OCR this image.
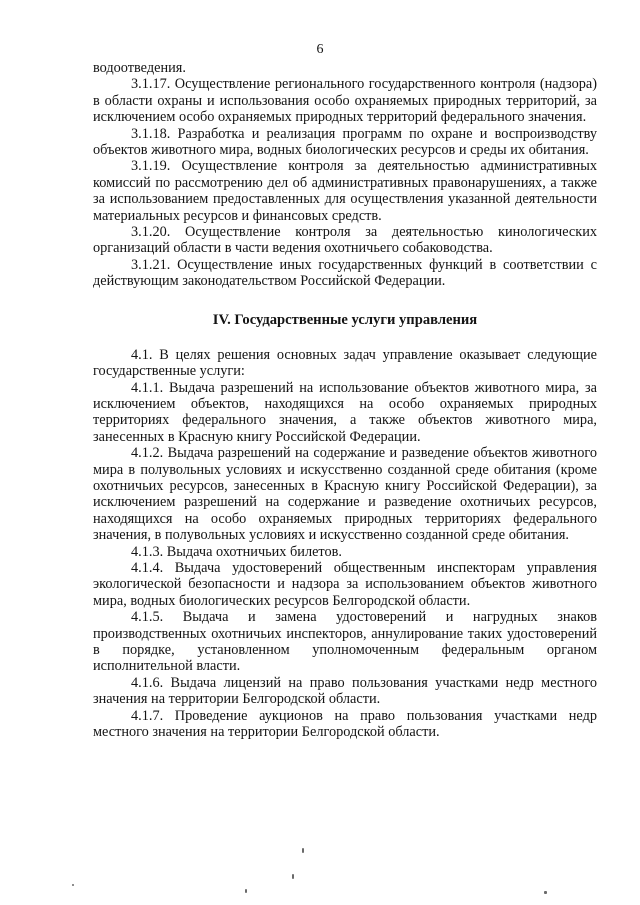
6

водоотведения.

3.1.17. Осуществление регионального государственного контроля (надзора) в области охраны и использования особо охраняемых природных территорий, за исключением особо охраняемых природных территорий федерального значения.

3.1.18. Разработка и реализация программ по охране и воспроизводству объектов животного мира, водных биологических ресурсов и среды их обитания.

3.1.19. Осуществление контроля за деятельностью административных комиссий по рассмотрению дел об административных правонарушениях, а также за использованием предоставленных для осуществления указанной деятельности материальных ресурсов и финансовых средств.

3.1.20. Осуществление контроля за деятельностью кинологических организаций области в части ведения охотничьего собаководства.

3.1.21. Осуществление иных государственных функций в соответствии с действующим законодательством Российской Федерации.

IV. Государственные услуги управления

4.1. В целях решения основных задач управление оказывает следующие государственные услуги:

4.1.1. Выдача разрешений на использование объектов животного мира, за исключением объектов, находящихся на особо охраняемых природных территориях федерального значения, а также объектов животного мира, занесенных в Красную книгу Российской Федерации.

4.1.2. Выдача разрешений на содержание и разведение объектов животного мира в полувольных условиях и искусственно созданной среде обитания (кроме охотничьих ресурсов, занесенных в Красную книгу Российской Федерации), за исключением разрешений на содержание и разведение охотничьих ресурсов, находящихся на особо охраняемых природных территориях федерального значения, в полувольных условиях и искусственно созданной среде обитания.

4.1.3. Выдача охотничьих билетов.

4.1.4. Выдача удостоверений общественным инспекторам управления экологической безопасности и надзора за использованием объектов животного мира, водных биологических ресурсов Белгородской области.

4.1.5. Выдача и замена удостоверений и нагрудных знаков производственных охотничьих инспекторов, аннулирование таких удостоверений в порядке, установленном уполномоченным федеральным органом исполнительной власти.

4.1.6. Выдача лицензий на право пользования участками недр местного значения на территории Белгородской области.

4.1.7. Проведение аукционов на право пользования участками недр местного значения на территории Белгородской области.
